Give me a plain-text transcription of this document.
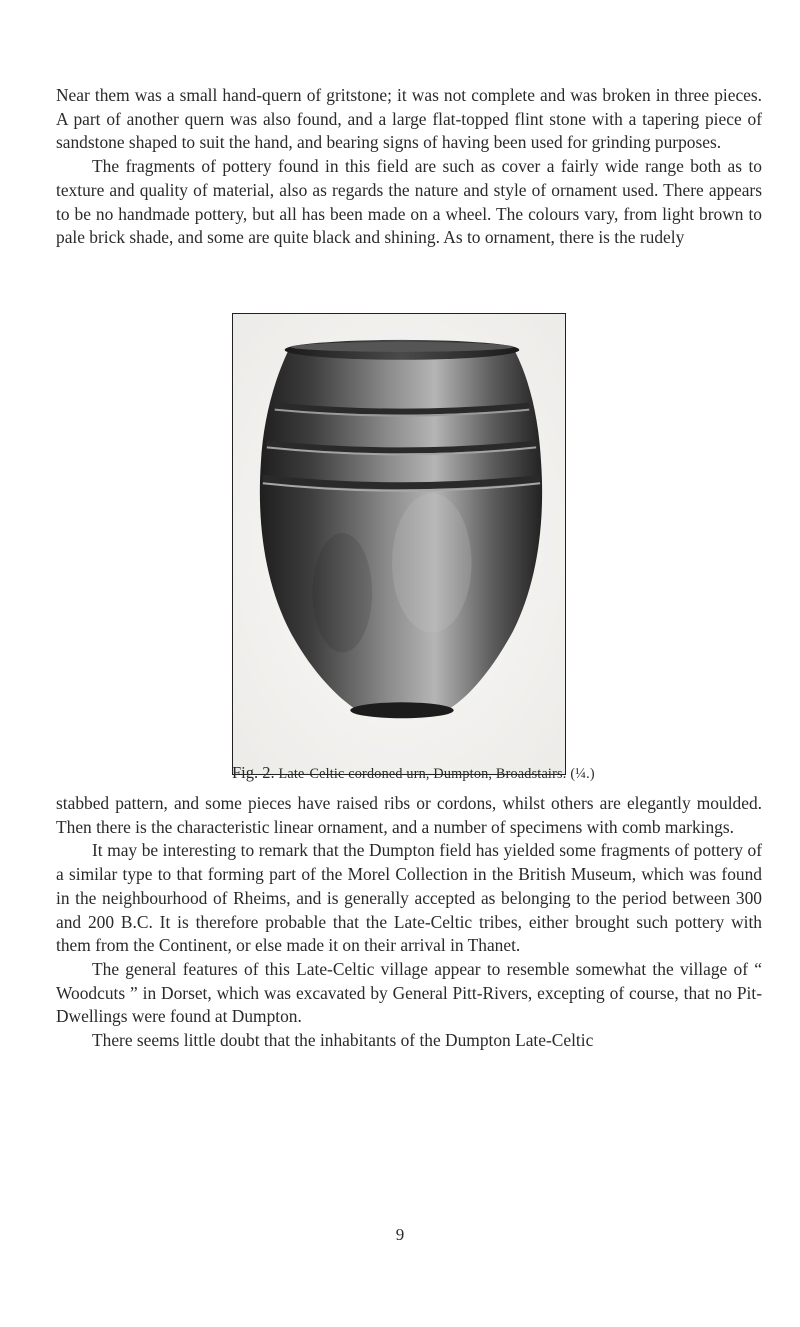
Near them was a small hand-quern of gritstone; it was not complete and was broken in three pieces. A part of another quern was also found, and a large flat-topped flint stone with a tapering piece of sandstone shaped to suit the hand, and bearing signs of having been used for grinding purposes.

The fragments of pottery found in this field are such as cover a fairly wide range both as to texture and quality of material, also as regards the nature and style of ornament used. There appears to be no handmade pottery, but all has been made on a wheel. The colours vary, from light brown to pale brick shade, and some are quite black and shining. As to ornament, there is the rudely

Fig. 2. Late-Celtic cordoned urn, Dumpton, Broadstairs. (¼.)

stabbed pattern, and some pieces have raised ribs or cordons, whilst others are elegantly moulded. Then there is the characteristic linear ornament, and a number of specimens with comb markings.

It may be interesting to remark that the Dumpton field has yielded some fragments of pottery of a similar type to that forming part of the Morel Collection in the British Museum, which was found in the neighbourhood of Rheims, and is generally accepted as belonging to the period between 300 and 200 B.C. It is therefore probable that the Late-Celtic tribes, either brought such pottery with them from the Continent, or else made it on their arrival in Thanet.

The general features of this Late-Celtic village appear to resemble somewhat the village of “ Woodcuts ” in Dorset, which was excavated by General Pitt-Rivers, excepting of course, that no Pit-Dwellings were found at Dumpton.

There seems little doubt that the inhabitants of the Dumpton Late-Celtic

9
